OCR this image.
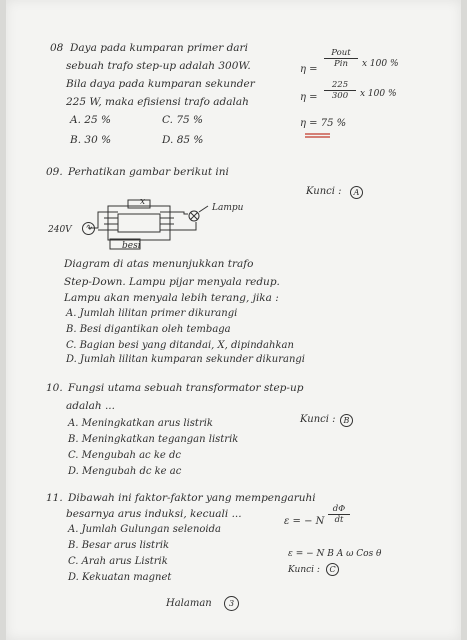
08 Daya pada kumparan primer dari
sebuah trafo step-up adalah 300W.
Bila daya pada kumparan sekunder
225 W, maka efisiensi trafo adalah
A. 25 %	C. 75 %
B. 30 %	D. 85 %
η =
Pout
Pin	x 100 %
$\eta = \frac{225}{300}$ x 100 %
η = 75 %
09. Perhatikan gambar berikut ini
Kunci :	A
240V	∿
Lampu
x
besi
Diagram di atas menunjukkan trafo
Step-Down. Lampu pijar menyala redup.
Lampu akan menyala lebih terang, jika :
A. Jumlah lilitan primer dikurangi
B. Besi digantikan oleh tembaga
C. Bagian besi yang ditandai, X, dipindahkan
D. Jumlah lilitan kumparan sekunder dikurangi
10. Fungsi utama sebuah transformator step-up
adalah ...
Kunci :	B
A. Meningkatkan arus listrik
B. Meningkatkan tegangan listrik
C. Mengubah ac ke dc
D. Mengubah dc ke ac
11. Dibawah ini faktor-faktor yang mempengaruhi
besarnya arus induksi, kecuali ...
A. Jumlah Gulungan selenoida
B. Besar arus listrik
C. Arah arus Listrik
D. Kekuatan magnet
ε = − N $\frac{d\Phi}{dt}$
ε = − N B A ω Cos θ
Kunci :	C
Halaman	3
